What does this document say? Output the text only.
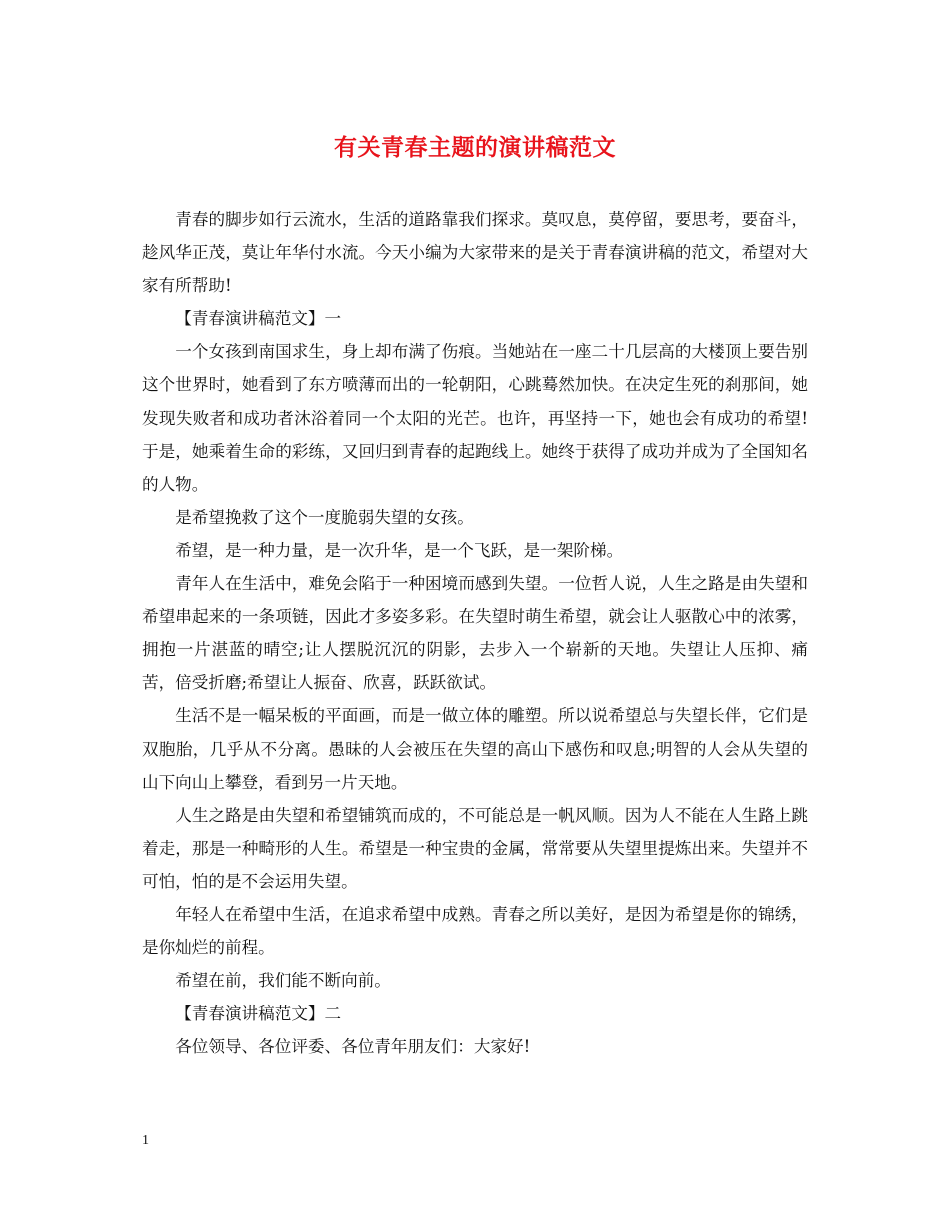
有关青春主题的演讲稿范文

青春的脚步如行云流水，生活的道路靠我们探求。莫叹息，莫停留，要思考，要奋斗，趁风华正茂，莫让年华付水流。今天小编为大家带来的是关于青春演讲稿的范文，希望对大家有所帮助!

【青春演讲稿范文】一

一个女孩到南国求生，身上却布满了伤痕。当她站在一座二十几层高的大楼顶上要告别这个世界时，她看到了东方喷薄而出的一轮朝阳，心跳蓦然加快。在决定生死的刹那间，她发现失败者和成功者沐浴着同一个太阳的光芒。也许，再坚持一下，她也会有成功的希望!于是，她乘着生命的彩练，又回归到青春的起跑线上。她终于获得了成功并成为了全国知名的人物。

是希望挽救了这个一度脆弱失望的女孩。

希望，是一种力量，是一次升华，是一个飞跃，是一架阶梯。

青年人在生活中，难免会陷于一种困境而感到失望。一位哲人说，人生之路是由失望和希望串起来的一条项链，因此才多姿多彩。在失望时萌生希望，就会让人驱散心中的浓雾，拥抱一片湛蓝的晴空;让人摆脱沉沉的阴影，去步入一个崭新的天地。失望让人压抑、痛苦，倍受折磨;希望让人振奋、欣喜，跃跃欲试。

生活不是一幅呆板的平面画，而是一做立体的雕塑。所以说希望总与失望长伴，它们是双胞胎，几乎从不分离。愚昧的人会被压在失望的高山下感伤和叹息;明智的人会从失望的山下向山上攀登，看到另一片天地。

人生之路是由失望和希望铺筑而成的，不可能总是一帆风顺。因为人不能在人生路上跳着走，那是一种畸形的人生。希望是一种宝贵的金属，常常要从失望里提炼出来。失望并不可怕，怕的是不会运用失望。

年轻人在希望中生活，在追求希望中成熟。青春之所以美好，是因为希望是你的锦绣，是你灿烂的前程。

希望在前，我们能不断向前。

【青春演讲稿范文】二

各位领导、各位评委、各位青年朋友们：大家好!

1
